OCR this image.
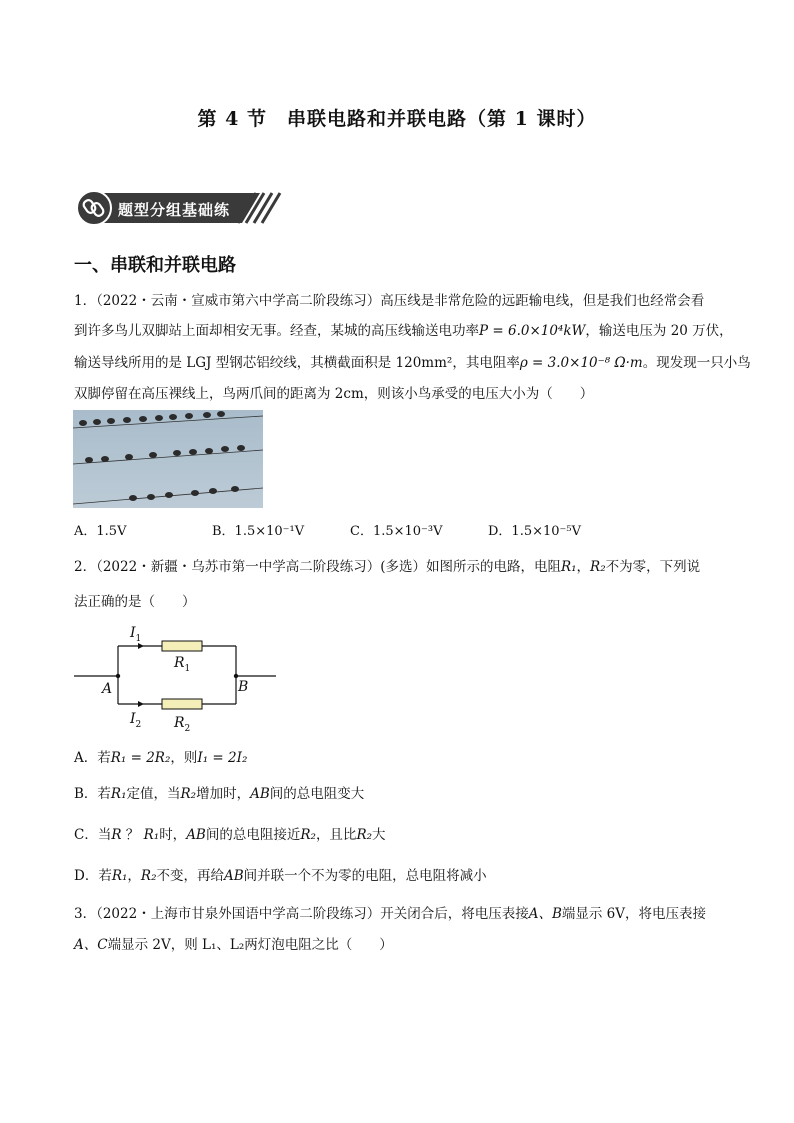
第 4 节　串联电路和并联电路（第 1 课时）
题型分组基础练
一、串联和并联电路
1．（2022・云南・宣威市第六中学高二阶段练习）高压线是非常危险的远距输电线，但是我们也经常会看
到许多鸟儿双脚站上面却相安无事。经查，某城的高压线输送电功率P = 6.0×10⁴kW，输送电压为 20 万伏，
输送导线所用的是 LGJ 型钢芯铝绞线，其横截面积是 120mm²，其电阻率ρ = 3.0×10⁻⁸ Ω·m。现发现一只小鸟
双脚停留在高压裸线上，鸟两爪间的距离为 2cm，则该小鸟承受的电压大小为（　　）
A．1.5V	B．1.5×10⁻¹V	C．1.5×10⁻³V	D．1.5×10⁻⁵V
2．（2022・新疆・乌苏市第一中学高二阶段练习）(多选）如图所示的电路，电阻R₁，R₂不为零，下列说
法正确的是（　　）
$I_1$
$I_2$
$R_1$
$R_2$
A	B
A．若R₁ = 2R₂，则I₁ = 2I₂
B．若R₁定值，当R₂增加时，AB间的总电阻变大
C．当R ？ R₁时，AB间的总电阻接近R₂，且比R₂大
D．若R₁，R₂不变，再给AB间并联一个不为零的电阻，总电阻将减小
3．（2022・上海市甘泉外国语中学高二阶段练习）开关闭合后，将电压表接A、B端显示 6V，将电压表接
A、C端显示 2V，则 L₁、L₂两灯泡电阻之比（　　）
